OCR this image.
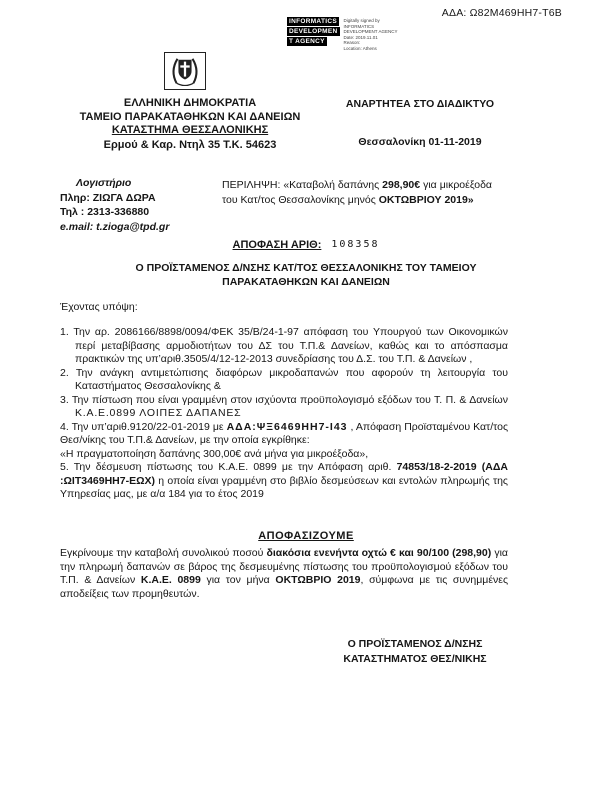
ΑΔΑ: Ω82M469HH7-T6B
INFORMATICS
DEVELOPMEN
T AGENCY
Digitally signed by
INFORMATICS
DEVELOPMENT AGENCY
Date: 2019.11.01
Reason:
Location: Athens
ΕΛΛΗΝΙΚΗ ΔΗΜΟΚΡΑΤΙΑ
ΤΑΜΕΙΟ ΠΑΡΑΚΑΤΑΘΗΚΩΝ ΚΑΙ ΔΑΝΕΙΩΝ
ΚΑΤΑΣΤΗΜΑ ΘΕΣΣΑΛΟΝΙΚΗΣ
Ερμού & Καρ. Ντηλ 35 Τ.Κ. 54623
ΑΝΑΡΤΗΤΕΑ ΣΤΟ ΔΙΑΔΙΚΤΥΟ
Θεσσαλονίκη 01-11-2019
Λογιστήριο
Πληρ: ΖΙΩΓΑ ΔΩΡΑ
Τηλ : 2313-336880
e.mail: t.zioga@tpd.gr
ΠΕΡΙΛΗΨΗ: «Καταβολή δαπάνης 298,90€ για μικροέξοδα του Κατ/τος Θεσσαλονίκης μηνός ΟΚΤΩΒΡΙΟΥ 2019»
ΑΠΟΦΑΣΗ ΑΡΙΘ: 108358
Ο ΠΡΟΪΣΤΑΜΕΝΟΣ Δ/ΝΣΗΣ ΚΑΤ/ΤΟΣ ΘΕΣΣΑΛΟΝΙΚΗΣ ΤΟΥ ΤΑΜΕΙΟΥ
ΠΑΡΑΚΑΤΑΘΗΚΩΝ ΚΑΙ ΔΑΝΕΙΩΝ
Έχοντας υπόψη:
1. Την αρ. 2086166/8898/0094/ΦΕΚ 35/Β/24-1-97 απόφαση του Υπουργού των Οικονομικών περί μεταβίβασης αρμοδιοτήτων του ΔΣ του Τ.Π.& Δανείων, καθώς και το απόσπασμα πρακτικών της υπ’αριθ.3505/4/12-12-2013 συνεδρίασης του Δ.Σ. του Τ.Π. & Δανείων ,
2. Την ανάγκη αντιμετώπισης διαφόρων μικροδαπανών που αφορούν τη λειτουργία του Καταστήματος Θεσσαλονίκης &
3. Την πίστωση που είναι γραμμένη στον ισχύοντα προϋπολογισμό εξόδων του Τ. Π. & Δανείων Κ.Α.Ε.0899 ΛΟΙΠΕΣ ΔΑΠΑΝΕΣ
4. Την υπ’αριθ.9120/22-01-2019 με ΑΔΑ:ΨΞ6469ΗΗ7-Ι43 , Απόφαση Προϊσταμένου Κατ/τος Θεσ/νίκης του Τ.Π.& Δανείων, με την οποία εγκρίθηκε:
«Η πραγματοποίηση δαπάνης 300,00€ ανά μήνα για μικροέξοδα»,
5. Την δέσμευση πίστωσης του Κ.Α.Ε. 0899 με την Απόφαση αριθ. 74853/18-2-2019 (ΑΔΑ :ΩΙΤ3469ΗΗ7-ΕΩΧ) η οποία είναι γραμμένη στο βιβλίο δεσμεύσεων και εντολών πληρωμής της Υπηρεσίας μας, με α/α 184 για το έτος 2019
ΑΠΟΦΑΣΙΖΟΥΜΕ
Εγκρίνουμε την καταβολή συνολικού ποσού διακόσια ενενήντα οχτώ € και 90/100 (298,90) για την πληρωμή δαπανών σε βάρος της δεσμευμένης πίστωσης του προϋπολογισμού εξόδων του Τ.Π. & Δανείων Κ.Α.Ε. 0899 για τον μήνα ΟΚΤΩΒΡΙΟ 2019, σύμφωνα με τις συνημμένες αποδείξεις των προμηθευτών.
Ο ΠΡΟΪΣΤΑΜΕΝΟΣ Δ/ΝΣΗΣ
ΚΑΤΑΣΤΗΜΑΤΟΣ ΘΕΣ/ΝΙΚΗΣ
